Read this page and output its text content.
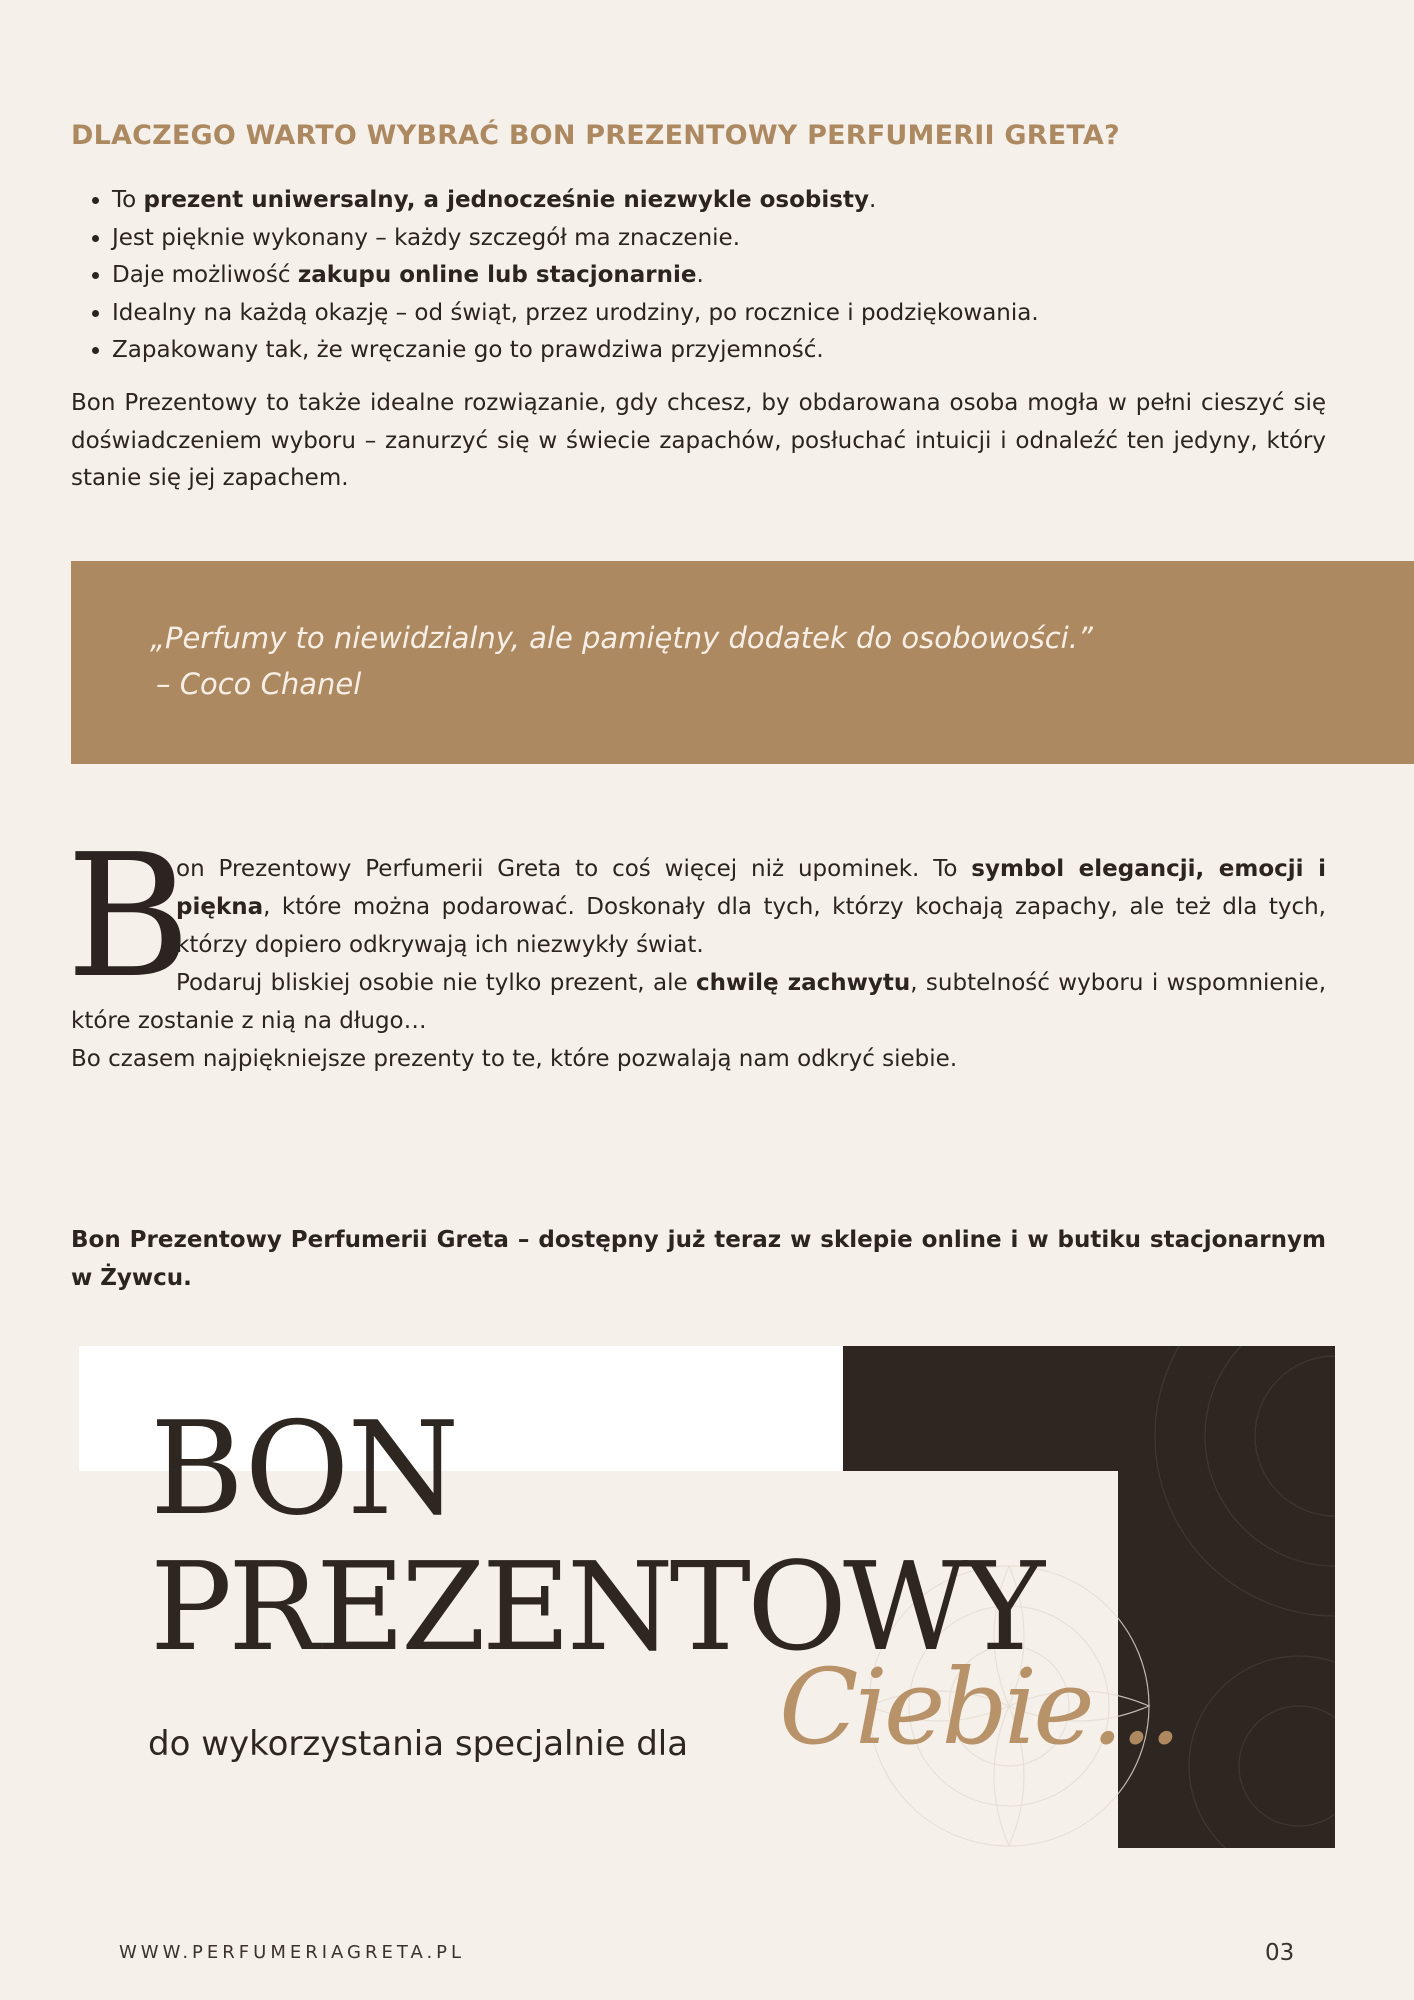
DLACZEGO WARTO WYBRAĆ BON PREZENTOWY PERFUMERII GRETA?
• To prezent uniwersalny, a jednocześnie niezwykle osobisty.
• Jest pięknie wykonany – każdy szczegół ma znaczenie.
• Daje możliwość zakupu online lub stacjonarnie.
• Idealny na każdą okazję – od świąt, przez urodziny, po rocznice i podziękowania.
• Zapakowany tak, że wręczanie go to prawdziwa przyjemność.

Bon Prezentowy to także idealne rozwiązanie, gdy chcesz, by obdarowana osoba mogła w pełni cieszyć się doświadczeniem wyboru – zanurzyć się w świecie zapachów, posłuchać intuicji i odnaleźć ten jedyny, który stanie się jej zapachem.

„Perfumy to niewidzialny, ale pamiętny dodatek do osobowości.”
– Coco Chanel
B
on Prezentowy Perfumerii Greta to coś więcej niż upominek. To symbol elegancji, emocji i piękna, które można podarować. Doskonały dla tych, którzy kochają zapachy, ale też dla tych, którzy dopiero odkrywają ich niezwykły świat.
Podaruj bliskiej osobie nie tylko prezent, ale chwilę zachwytu, subtelność wyboru i wspomnienie, które zostanie z nią na długo…
Bo czasem najpiękniejsze prezenty to te, które pozwalają nam odkryć siebie.

Bon Prezentowy Perfumerii Greta – dostępny już teraz w sklepie online i w butiku stacjonarnym w Żywcu.

BON
PREZENTOWY
do wykorzystania specjalnie dla Ciebie...
WWW.PERFUMERIAGRETA.PL	03
